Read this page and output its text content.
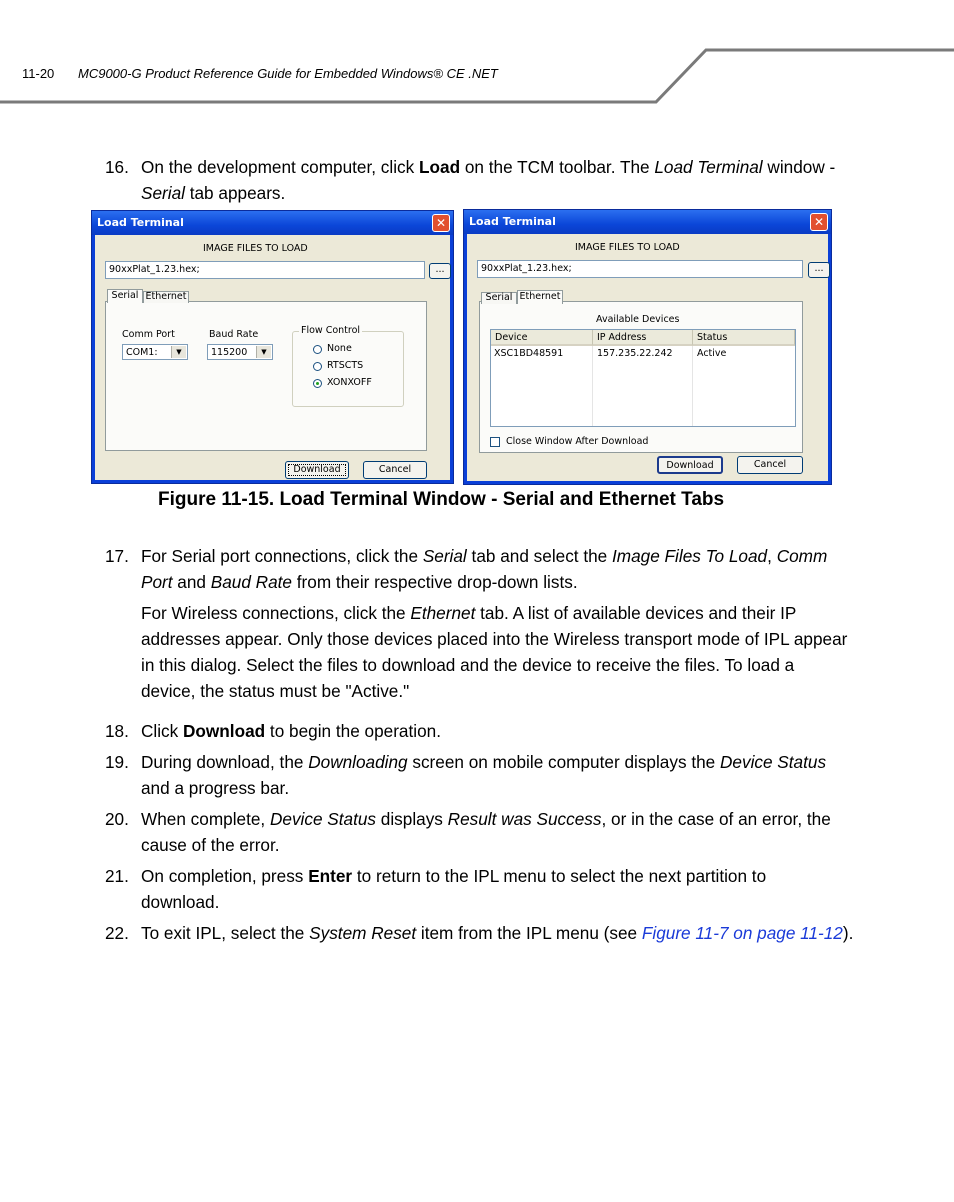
11-20 MC9000-G Product Reference Guide for Embedded Windows® CE .NET
16. On the development computer, click Load on the TCM toolbar. The Load Terminal window -
Serial tab appears.
Load Terminal	✕
IMAGE FILES TO LOAD
90xxPlat_1.23.hex;	...
Comm Port
COM1:	▼
Baud Rate
115200	▼
Flow Control
None
RTSCTS
XONXOFF
Serial Ethernet
Download	Cancel
Load Terminal	✕
IMAGE FILES TO LOAD
90xxPlat_1.23.hex;	...
Available Devices
Device	IP Address	Status
XSC1BD48591	157.235.22.242	Active
Close Window After Download
Serial Ethernet
Download	Cancel
Figure 11-15. Load Terminal Window - Serial and Ethernet Tabs
17. For Serial port connections, click the Serial tab and select the Image Files To Load, Comm
Port and Baud Rate from their respective drop-down lists.
For Wireless connections, click the Ethernet tab. A list of available devices and their IP
addresses appear. Only those devices placed into the Wireless transport mode of IPL appear
in this dialog. Select the files to download and the device to receive the files. To load a
device, the status must be "Active."
18. Click Download to begin the operation.
19. During download, the Downloading screen on mobile computer displays the Device Status
and a progress bar.
20. When complete, Device Status displays Result was Success, or in the case of an error, the
cause of the error.
21. On completion, press Enter to return to the IPL menu to select the next partition to
download.
22. To exit IPL, select the System Reset item from the IPL menu (see Figure 11-7 on page 11-12).
